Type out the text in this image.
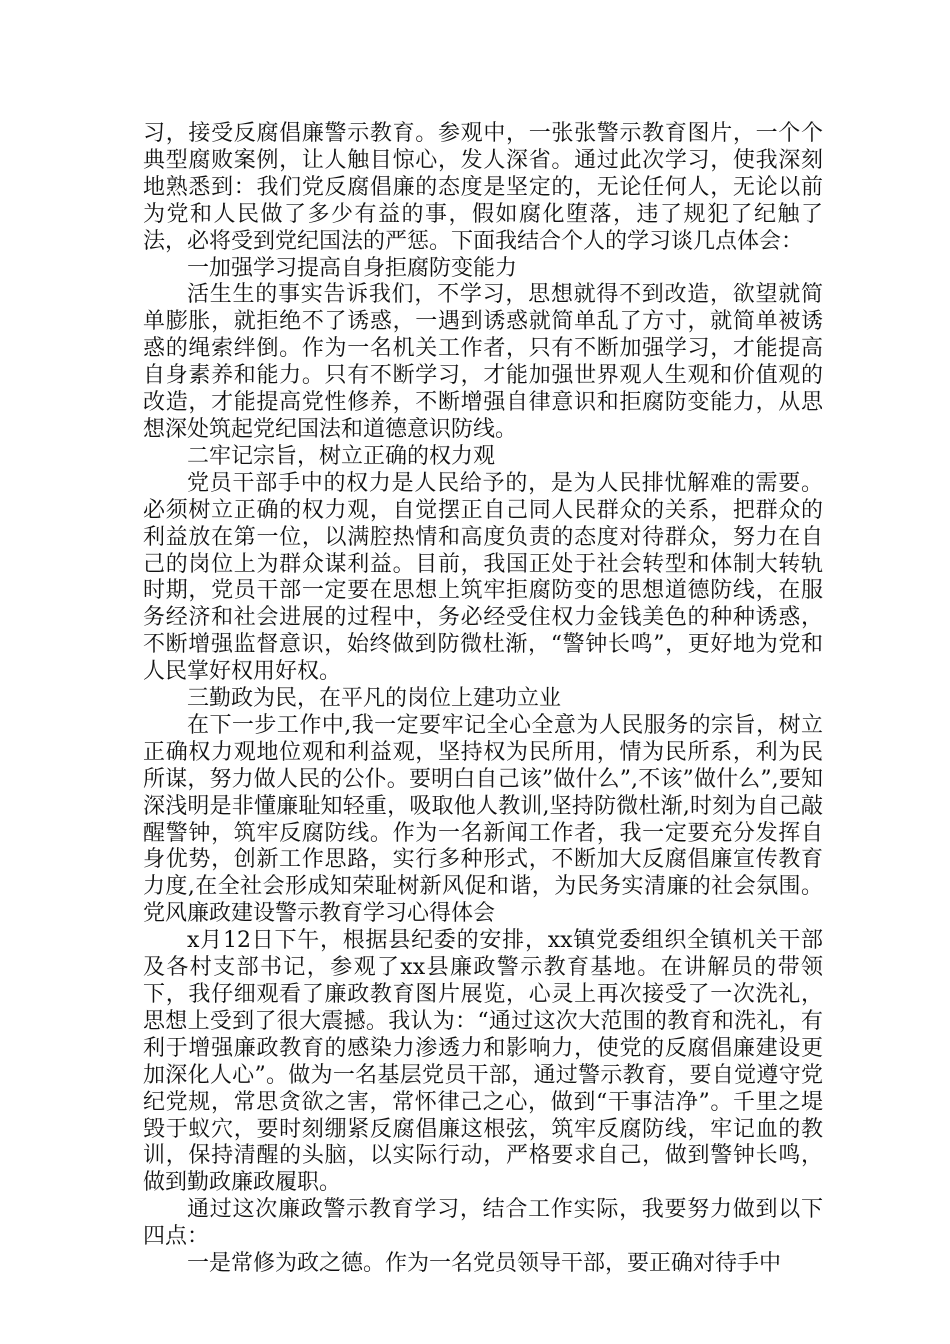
习，接受反腐倡廉警示教育。参观中，一张张警示教育图片，一个个典型腐败案例，让人触目惊心，发人深省。通过此次学习，使我深刻地熟悉到：我们党反腐倡廉的态度是坚定的，无论任何人，无论以前为党和人民做了多少有益的事，假如腐化堕落，违了规犯了纪触了法，必将受到党纪国法的严惩。下面我结合个人的学习谈几点体会：

一加强学习提高自身拒腐防变能力

活生生的事实告诉我们，不学习，思想就得不到改造，欲望就简单膨胀，就拒绝不了诱惑，一遇到诱惑就简单乱了方寸，就简单被诱惑的绳索绊倒。作为一名机关工作者，只有不断加强学习，才能提高自身素养和能力。只有不断学习，才能加强世界观人生观和价值观的改造，才能提高党性修养，不断增强自律意识和拒腐防变能力，从思想深处筑起党纪国法和道德意识防线。

二牢记宗旨，树立正确的权力观

党员干部手中的权力是人民给予的，是为人民排忧解难的需要。必须树立正确的权力观，自觉摆正自己同人民群众的关系，把群众的利益放在第一位，以满腔热情和高度负责的态度对待群众，努力在自己的岗位上为群众谋利益。目前，我国正处于社会转型和体制大转轨时期，党员干部一定要在思想上筑牢拒腐防变的思想道德防线，在服务经济和社会进展的过程中，务必经受住权力金钱美色的种种诱惑，不断增强监督意识，始终做到防微杜渐，“警钟长鸣”，更好地为党和人民掌好权用好权。

三勤政为民，在平凡的岗位上建功立业

在下一步工作中,我一定要牢记全心全意为人民服务的宗旨，树立正确权力观地位观和利益观，坚持权为民所用，情为民所系，利为民所谋，努力做人民的公仆。要明白自己该”做什么”,不该”做什么”,要知深浅明是非懂廉耻知轻重，吸取他人教训,坚持防微杜渐,时刻为自己敲醒警钟，筑牢反腐防线。作为一名新闻工作者，我一定要充分发挥自身优势，创新工作思路，实行多种形式，不断加大反腐倡廉宣传教育力度,在全社会形成知荣耻树新风促和谐，为民务实清廉的社会氛围。党风廉政建设警示教育学习心得体会

x月12日下午，根据县纪委的安排，xx镇党委组织全镇机关干部及各村支部书记，参观了xx县廉政警示教育基地。在讲解员的带领下，我仔细观看了廉政教育图片展览，心灵上再次接受了一次洗礼，思想上受到了很大震撼。我认为：“通过这次大范围的教育和洗礼，有利于增强廉政教育的感染力渗透力和影响力，使党的反腐倡廉建设更加深化人心”。做为一名基层党员干部，通过警示教育，要自觉遵守党纪党规，常思贪欲之害，常怀律己之心，做到“干事洁净”。千里之堤毁于蚁穴，要时刻绷紧反腐倡廉这根弦，筑牢反腐防线，牢记血的教训，保持清醒的头脑，以实际行动，严格要求自己，做到警钟长鸣，做到勤政廉政履职。

通过这次廉政警示教育学习，结合工作实际，我要努力做到以下四点：

一是常修为政之德。作为一名党员领导干部，要正确对待手中
